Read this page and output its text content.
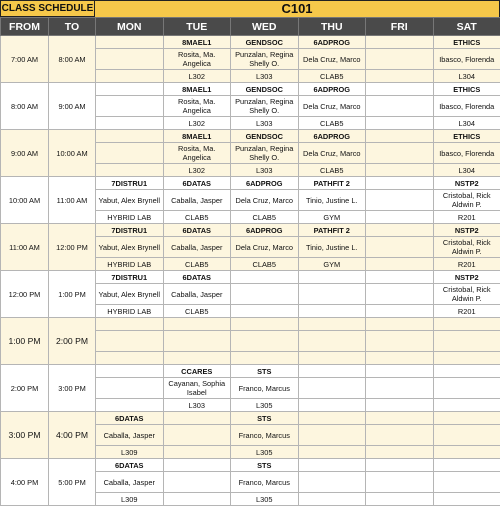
CLASS SCHEDULE	C101
FROM	TO	MON	TUE	WED	THU	FRI	SAT
7:00 AM	8:00 AM		8MAEL1	GENDSOC	6ADPROG		ETHICS
			Rosita, Ma. Angelica	Punzalan, Regina Shelly O.	Dela Cruz, Marco		Ibasco, Florenda
			L302	L303	CLAB5		L304
8:00 AM	9:00 AM		8MAEL1	GENDSOC	6ADPROG		ETHICS
			Rosita, Ma. Angelica	Punzalan, Regina Shelly O.	Dela Cruz, Marco		Ibasco, Florenda
			L302	L303	CLAB5		L304
9:00 AM	10:00 AM		8MAEL1	GENDSOC	6ADPROG		ETHICS
			Rosita, Ma. Angelica	Punzalan, Regina Shelly O.	Dela Cruz, Marco		Ibasco, Florenda
			L302	L303	CLAB5		L304
10:00 AM	11:00 AM	7DISTRU1	6DATAS	6ADPROG	PATHFIT 2		NSTP2
		Yabut, Alex Brynell	Caballa, Jasper	Dela Cruz, Marco	Tinio, Justine L.		Cristobal, Rick Aldwin P.
		HYBRID LAB	CLAB5	CLAB5	GYM		R201
11:00 AM	12:00 PM	7DISTRU1	6DATAS	6ADPROG	PATHFIT 2		NSTP2
		Yabut, Alex Brynell	Caballa, Jasper	Dela Cruz, Marco	Tinio, Justine L.		Cristobal, Rick Aldwin P.
		HYBRID LAB	CLAB5	CLAB5	GYM		R201
12:00 PM	1:00 PM	7DISTRU1	6DATAS				NSTP2
		Yabut, Alex Brynell	Caballa, Jasper				Cristobal, Rick Aldwin P.
		HYBRID LAB	CLAB5				R201
1:00 PM	2:00 PM						

2:00 PM	3:00 PM		CCARES	STS			
			Cayanan, Sophia Isabel	Franco, Marcus			
			L303	L305			
3:00 PM	4:00 PM	6DATAS		STS			
		Caballa, Jasper		Franco, Marcus			
		L309		L305			
4:00 PM	5:00 PM	6DATAS		STS			
		Caballa, Jasper		Franco, Marcus			
		L309		L305			
